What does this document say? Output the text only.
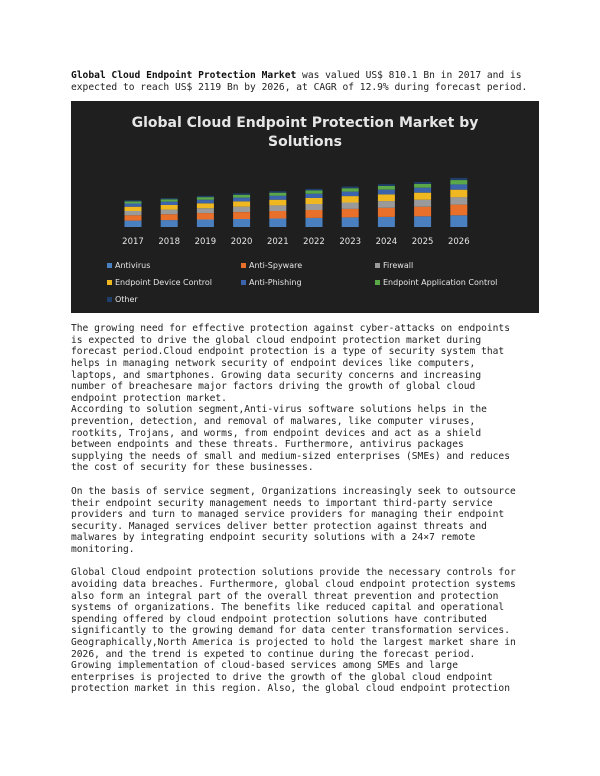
Global Cloud Endpoint Protection Market was valued US$ 810.1 Bn in 2017 and is expected to reach US$ 2119 Bn by 2026, at CAGR of 12.9% during forecast period.

Global Cloud Endpoint Protection Market by
Solutions
2017 2018 2019 2020 2021 2022 2023 2024 2025 2026
Antivirus	Anti-Spyware	Firewall
Endpoint Device Control	Anti-Phishing	Endpoint Application Control
Other

The growing need for effective protection against cyber-attacks on endpoints
is expected to drive the global cloud endpoint protection market during
forecast period.Cloud endpoint protection is a type of security system that
helps in managing network security of endpoint devices like computers,
laptops, and smartphones. Growing data security concerns and increasing
number of breachesare major factors driving the growth of global cloud
endpoint protection market.
According to solution segment,Anti-virus software solutions helps in the
prevention, detection, and removal of malwares, like computer viruses,
rootkits, Trojans, and worms, from endpoint devices and act as a shield
between endpoints and these threats. Furthermore, antivirus packages
supplying the needs of small and medium-sized enterprises (SMEs) and reduces
the cost of security for these businesses.

On the basis of service segment, Organizations increasingly seek to outsource
their endpoint security management needs to important third-party service
providers and turn to managed service providers for managing their endpoint
security. Managed services deliver better protection against threats and
malwares by integrating endpoint security solutions with a 24×7 remote
monitoring.

Global Cloud endpoint protection solutions provide the necessary controls for
avoiding data breaches. Furthermore, global cloud endpoint protection systems
also form an integral part of the overall threat prevention and protection
systems of organizations. The benefits like reduced capital and operational
spending offered by cloud endpoint protection solutions have contributed
significantly to the growing demand for data center transformation services.
Geographically,North America is projected to hold the largest market share in
2026, and the trend is expeted to continue during the forecast period.
Growing implementation of cloud-based services among SMEs and large
enterprises is projected to drive the growth of the global cloud endpoint
protection market in this region. Also, the global cloud endpoint protection
